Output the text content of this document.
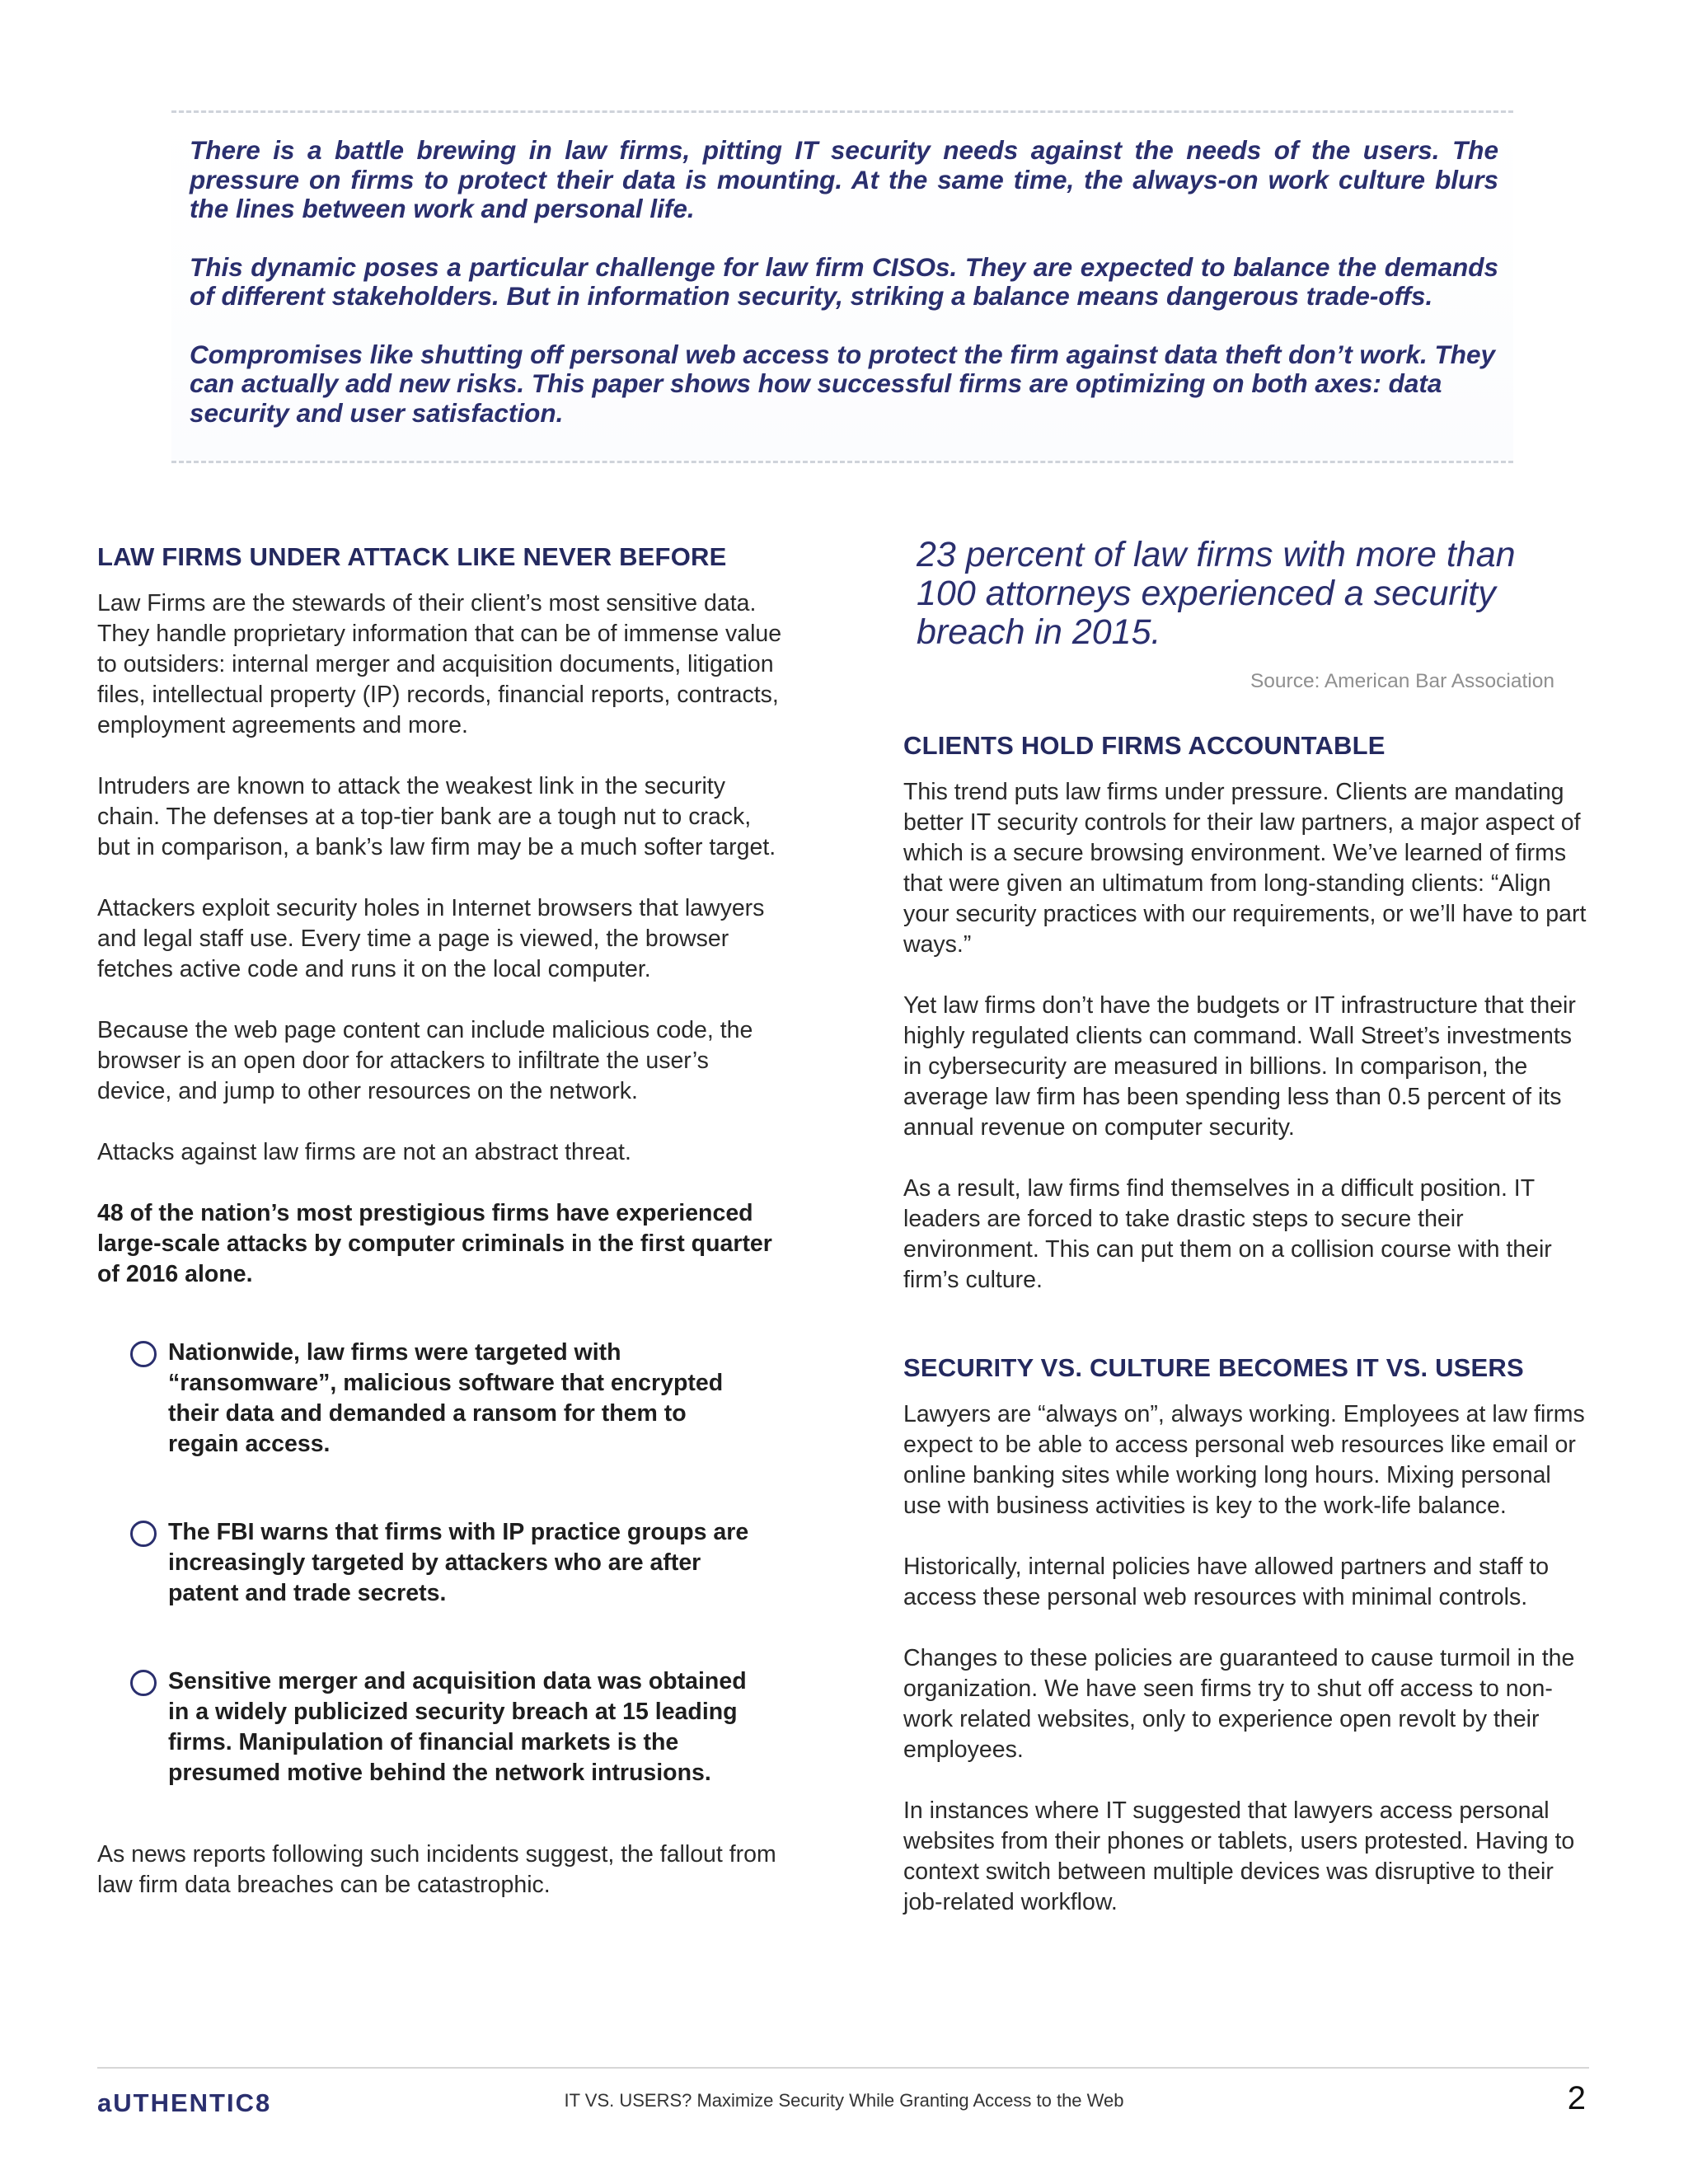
There is a battle brewing in law firms, pitting IT security needs against the needs of the users. The pressure on firms to protect their data is mounting. At the same time, the always-on work culture blurs the lines between work and personal life.

This dynamic poses a particular challenge for law firm CISOs. They are expected to balance the demands of different stakeholders. But in information security, striking a balance means dangerous trade-offs.

Compromises like shutting off personal web access to protect the firm against data theft don’t work. They can actually add new risks. This paper shows how successful firms are optimizing on both axes: data security and user satisfaction.

LAW FIRMS UNDER ATTACK LIKE NEVER BEFORE

Law Firms are the stewards of their client’s most sensitive data. They handle proprietary information that can be of immense value to outsiders: internal merger and acquisition documents, litigation files, intellectual property (IP) records, financial reports, contracts, employment agreements and more.

Intruders are known to attack the weakest link in the security chain. The defenses at a top-tier bank are a tough nut to crack, but in comparison, a bank’s law firm may be a much softer target.

Attackers exploit security holes in Internet browsers that lawyers and legal staff use. Every time a page is viewed, the browser fetches active code and runs it on the local computer.

Because the web page content can include malicious code, the browser is an open door for attackers to infiltrate the user’s device, and jump to other resources on the network.

Attacks against law firms are not an abstract threat.

48 of the nation’s most prestigious firms have experienced large-scale attacks by computer criminals in the first quarter of 2016 alone.

Nationwide, law firms were targeted with “ransomware”, malicious software that encrypted their data and demanded a ransom for them to regain access.
The FBI warns that firms with IP practice groups are increasingly targeted by attackers who are after patent and trade secrets.
Sensitive merger and acquisition data was obtained in a widely publicized security breach at 15 leading firms. Manipulation of financial markets is the presumed motive behind the network intrusions.

As news reports following such incidents suggest, the fallout from law firm data breaches can be catastrophic.

23 percent of law firms with more than 100 attorneys experienced a security breach in 2015.

Source: American Bar Association

CLIENTS HOLD FIRMS ACCOUNTABLE

This trend puts law firms under pressure. Clients are mandating better IT security controls for their law partners, a major aspect of which is a secure browsing environment. We’ve learned of firms that were given an ultimatum from long-standing clients: “Align your security practices with our requirements, or we’ll have to part ways.”

Yet law firms don’t have the budgets or IT infrastructure that their highly regulated clients can command. Wall Street’s investments in cybersecurity are measured in billions. In comparison, the average law firm has been spending less than 0.5 percent of its annual revenue on computer security.

As a result, law firms find themselves in a difficult position. IT leaders are forced to take drastic steps to secure their environment. This can put them on a collision course with their firm’s culture.

SECURITY VS. CULTURE BECOMES IT VS. USERS

Lawyers are “always on”, always working. Employees at law firms expect to be able to access personal web resources like email or online banking sites while working long hours. Mixing personal use with business activities is key to the work-life balance.

Historically, internal policies have allowed partners and staff to access these personal web resources with minimal controls.

Changes to these policies are guaranteed to cause turmoil in the organization. We have seen firms try to shut off access to non-work related websites, only to experience open revolt by their employees.

In instances where IT suggested that lawyers access personal websites from their phones or tablets, users protested. Having to context switch between multiple devices was disruptive to their job-related workflow.

aUTHENTIC8	IT VS. USERS? Maximize Security While Granting Access to the Web	2
